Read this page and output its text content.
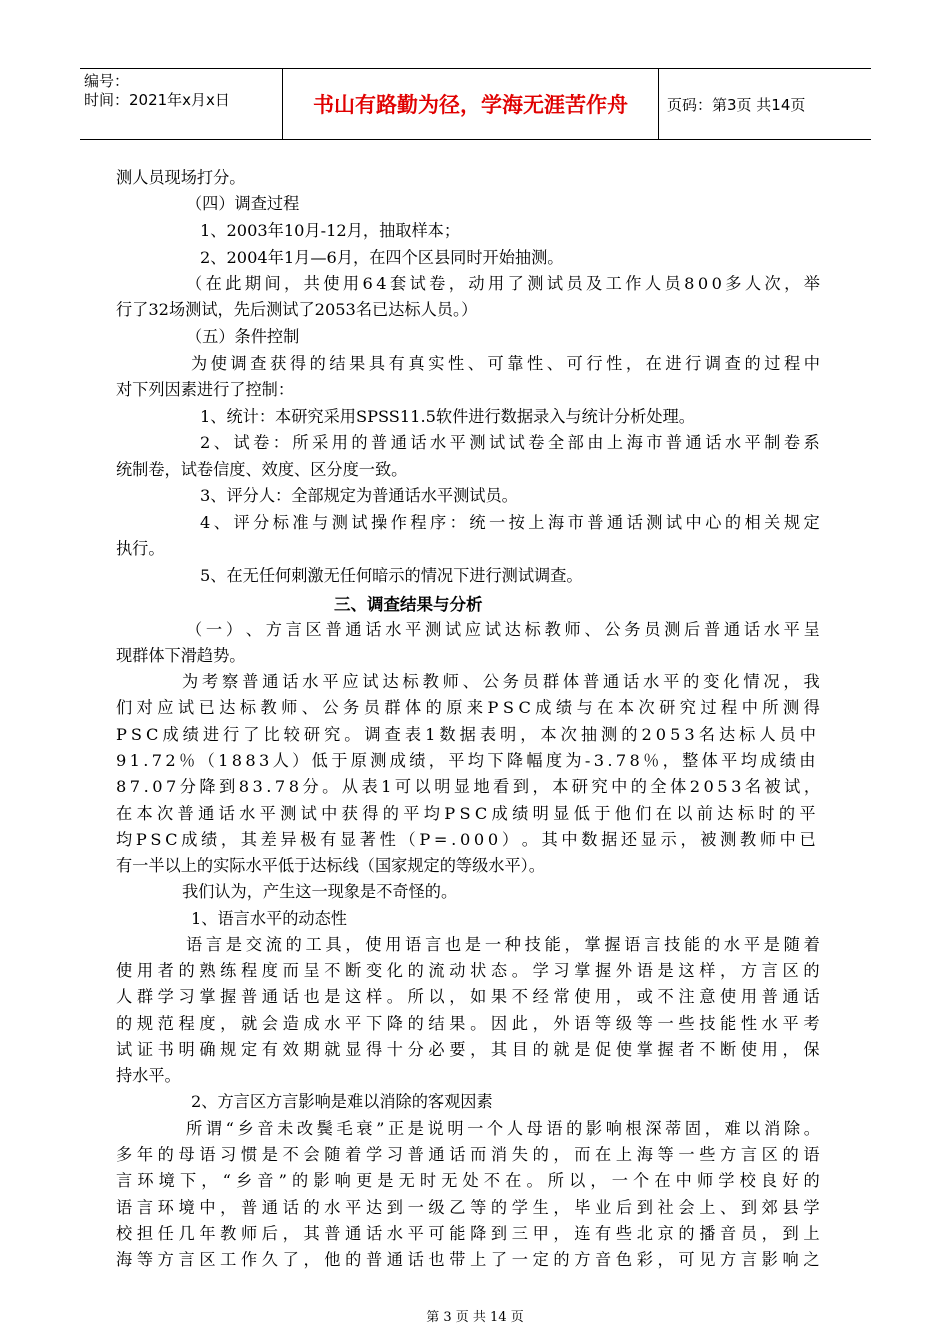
编号：
时间：2021年x月x日	书山有路勤为径，学海无涯苦作舟	页码：第3页 共14页
测人员现场打分。
（四）调查过程
1、2003年10月-12月，抽取样本；
2、2004年1月—6月，在四个区县同时开始抽测。
（ 在 此 期 间 ， 共 使 用 6 4 套 试 卷 ， 动 用 了 测 试 员 及 工 作 人 员 8 0 0 多 人 次 ， 举
行了32场测试，先后测试了2053名已达标人员。）
（五）条件控制
为 使 调 查 获 得 的 结 果 具 有 真 实 性 、 可 靠 性 、 可 行 性 ， 在 进 行 调 查 的 过 程 中
对下列因素进行了控制：
1、统计：本研究采用SPSS11.5软件进行数据录入与统计分析处理。
2 、 试 卷 ： 所 采 用 的 普 通 话 水 平 测 试 试 卷 全 部 由 上 海 市 普 通 话 水 平 制 卷 系
统制卷，试卷信度、效度、区分度一致。
3、评分人：全部规定为普通话水平测试员。
4 、 评 分 标 准 与 测 试 操 作 程 序 ： 统 一 按 上 海 市 普 通 话 测 试 中 心 的 相 关 规 定
执行。
5、在无任何刺激无任何暗示的情况下进行测试调查。
三、调查结果与分析
（ 一 ） 、 方 言 区 普 通 话 水 平 测 试 应 试 达 标 教 师 、 公 务 员 测 后 普 通 话 水 平 呈
现群体下滑趋势。
为 考 察 普 通 话 水 平 应 试 达 标 教 师 、 公 务 员 群 体 普 通 话 水 平 的 变 化 情 况 ， 我
们 对 应 试 已 达 标 教 师 、 公 务 员 群 体 的 原 来 P S C 成 绩 与 在 本 次 研 究 过 程 中 所 测 得
P S C 成 绩 进 行 了 比 较 研 究 。 调 查 表 1 数 据 表 明 ， 本 次 抽 测 的 2 0 5 3 名 达 标 人 员 中
9 1 . 7 2 ％ （ 1 8 8 3 人 ） 低 于 原 测 成 绩 ， 平 均 下 降 幅 度 为 - 3 . 7 8 ％ ， 整 体 平 均 成 绩 由
8 7 . 0 7 分 降 到 8 3 . 7 8 分 。 从 表 1 可 以 明 显 地 看 到 ， 本 研 究 中 的 全 体 2 0 5 3 名 被 试 ，
在 本 次 普 通 话 水 平 测 试 中 获 得 的 平 均 P S C 成 绩 明 显 低 于 他 们 在 以 前 达 标 时 的 平
均 P S C 成 绩 ， 其 差 异 极 有 显 著 性 （ P = . 0 0 0 ） 。 其 中 数 据 还 显 示 ， 被 测 教 师 中 已
有一半以上的实际水平低于达标线（国家规定的等级水平）。
我们认为，产生这一现象是不奇怪的。
1、语言水平的动态性
语 言 是 交 流 的 工 具 ， 使 用 语 言 也 是 一 种 技 能 ， 掌 握 语 言 技 能 的 水 平 是 随 着
使 用 者 的 熟 练 程 度 而 呈 不 断 变 化 的 流 动 状 态 。 学 习 掌 握 外 语 是 这 样 ， 方 言 区 的
人 群 学 习 掌 握 普 通 话 也 是 这 样 。 所 以 ， 如 果 不 经 常 使 用 ， 或 不 注 意 使 用 普 通 话
的 规 范 程 度 ， 就 会 造 成 水 平 下 降 的 结 果 。 因 此 ， 外 语 等 级 等 一 些 技 能 性 水 平 考
试 证 书 明 确 规 定 有 效 期 就 显 得 十 分 必 要 ， 其 目 的 就 是 促 使 掌 握 者 不 断 使 用 ， 保
持水平。
2、方言区方言影响是难以消除的客观因素
所 谓 “ 乡 音 未 改 鬓 毛 衰 ” 正 是 说 明 一 个 人 母 语 的 影 响 根 深 蒂 固 ， 难 以 消 除 。
多 年 的 母 语 习 惯 是 不 会 随 着 学 习 普 通 话 而 消 失 的 ， 而 在 上 海 等 一 些 方 言 区 的 语
言 环 境 下 ， “ 乡 音 ” 的 影 响 更 是 无 时 无 处 不 在 。 所 以 ， 一 个 在 中 师 学 校 良 好 的
语 言 环 境 中 ， 普 通 话 的 水 平 达 到 一 级 乙 等 的 学 生 ， 毕 业 后 到 社 会 上 、 到 郊 县 学
校 担 任 几 年 教 师 后 ， 其 普 通 话 水 平 可 能 降 到 三 甲 ， 连 有 些 北 京 的 播 音 员 ， 到 上
海 等 方 言 区 工 作 久 了 ， 他 的 普 通 话 也 带 上 了 一 定 的 方 音 色 彩 ， 可 见 方 言 影 响 之
第 3 页 共 14 页
